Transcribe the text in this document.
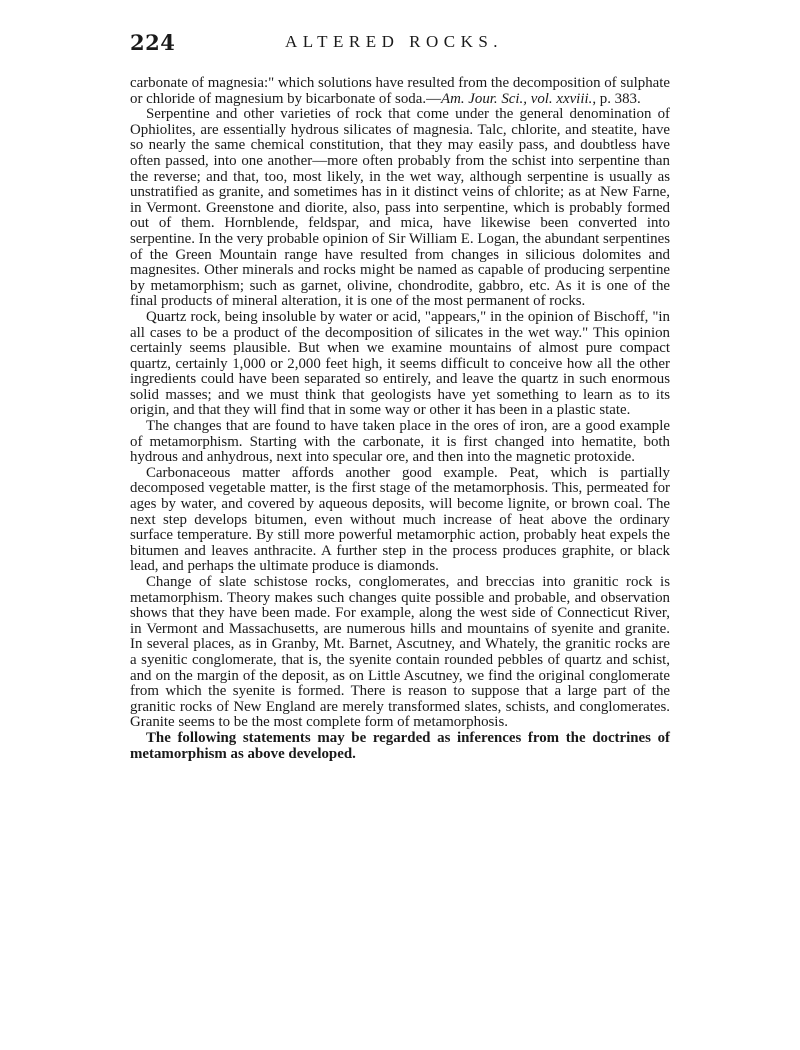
224	ALTERED ROCKS.

carbonate of magnesia:" which solutions have resulted from the decomposition of sulphate or chloride of magnesium by bicarbonate of soda.—Am. Jour. Sci., vol. xxviii., p. 383.

Serpentine and other varieties of rock that come under the general denomination of Ophiolites, are essentially hydrous silicates of magnesia. Talc, chlorite, and steatite, have so nearly the same chemical constitution, that they may easily pass, and doubtless have often passed, into one another—more often probably from the schist into serpentine than the reverse; and that, too, most likely, in the wet way, although serpentine is usually as unstratified as granite, and sometimes has in it distinct veins of chlorite; as at New Farne, in Vermont. Greenstone and diorite, also, pass into serpentine, which is probably formed out of them. Hornblende, feldspar, and mica, have likewise been converted into serpentine. In the very probable opinion of Sir William E. Logan, the abundant serpentines of the Green Mountain range have resulted from changes in silicious dolomites and magnesites. Other minerals and rocks might be named as capable of producing serpentine by metamorphism; such as garnet, olivine, chondrodite, gabbro, etc. As it is one of the final products of mineral alteration, it is one of the most permanent of rocks.

Quartz rock, being insoluble by water or acid, "appears," in the opinion of Bischoff, "in all cases to be a product of the decomposition of silicates in the wet way." This opinion certainly seems plausible. But when we examine mountains of almost pure compact quartz, certainly 1,000 or 2,000 feet high, it seems difficult to conceive how all the other ingredients could have been separated so entirely, and leave the quartz in such enormous solid masses; and we must think that geologists have yet something to learn as to its origin, and that they will find that in some way or other it has been in a plastic state.

The changes that are found to have taken place in the ores of iron, are a good example of metamorphism. Starting with the carbonate, it is first changed into hematite, both hydrous and anhydrous, next into specular ore, and then into the magnetic protoxide.

Carbonaceous matter affords another good example. Peat, which is partially decomposed vegetable matter, is the first stage of the metamorphosis. This, permeated for ages by water, and covered by aqueous deposits, will become lignite, or brown coal. The next step develops bitumen, even without much increase of heat above the ordinary surface temperature. By still more powerful metamorphic action, probably heat expels the bitumen and leaves anthracite. A further step in the process produces graphite, or black lead, and perhaps the ultimate produce is diamonds.

Change of slate schistose rocks, conglomerates, and breccias into granitic rock is metamorphism. Theory makes such changes quite possible and probable, and observation shows that they have been made. For example, along the west side of Connecticut River, in Vermont and Massachusetts, are numerous hills and mountains of syenite and granite. In several places, as in Granby, Mt. Barnet, Ascutney, and Whately, the granitic rocks are a syenitic conglomerate, that is, the syenite contain rounded pebbles of quartz and schist, and on the margin of the deposit, as on Little Ascutney, we find the original conglomerate from which the syenite is formed. There is reason to suppose that a large part of the granitic rocks of New England are merely transformed slates, schists, and conglomerates. Granite seems to be the most complete form of metamorphosis.

The following statements may be regarded as inferences from the doctrines of metamorphism as above developed.
